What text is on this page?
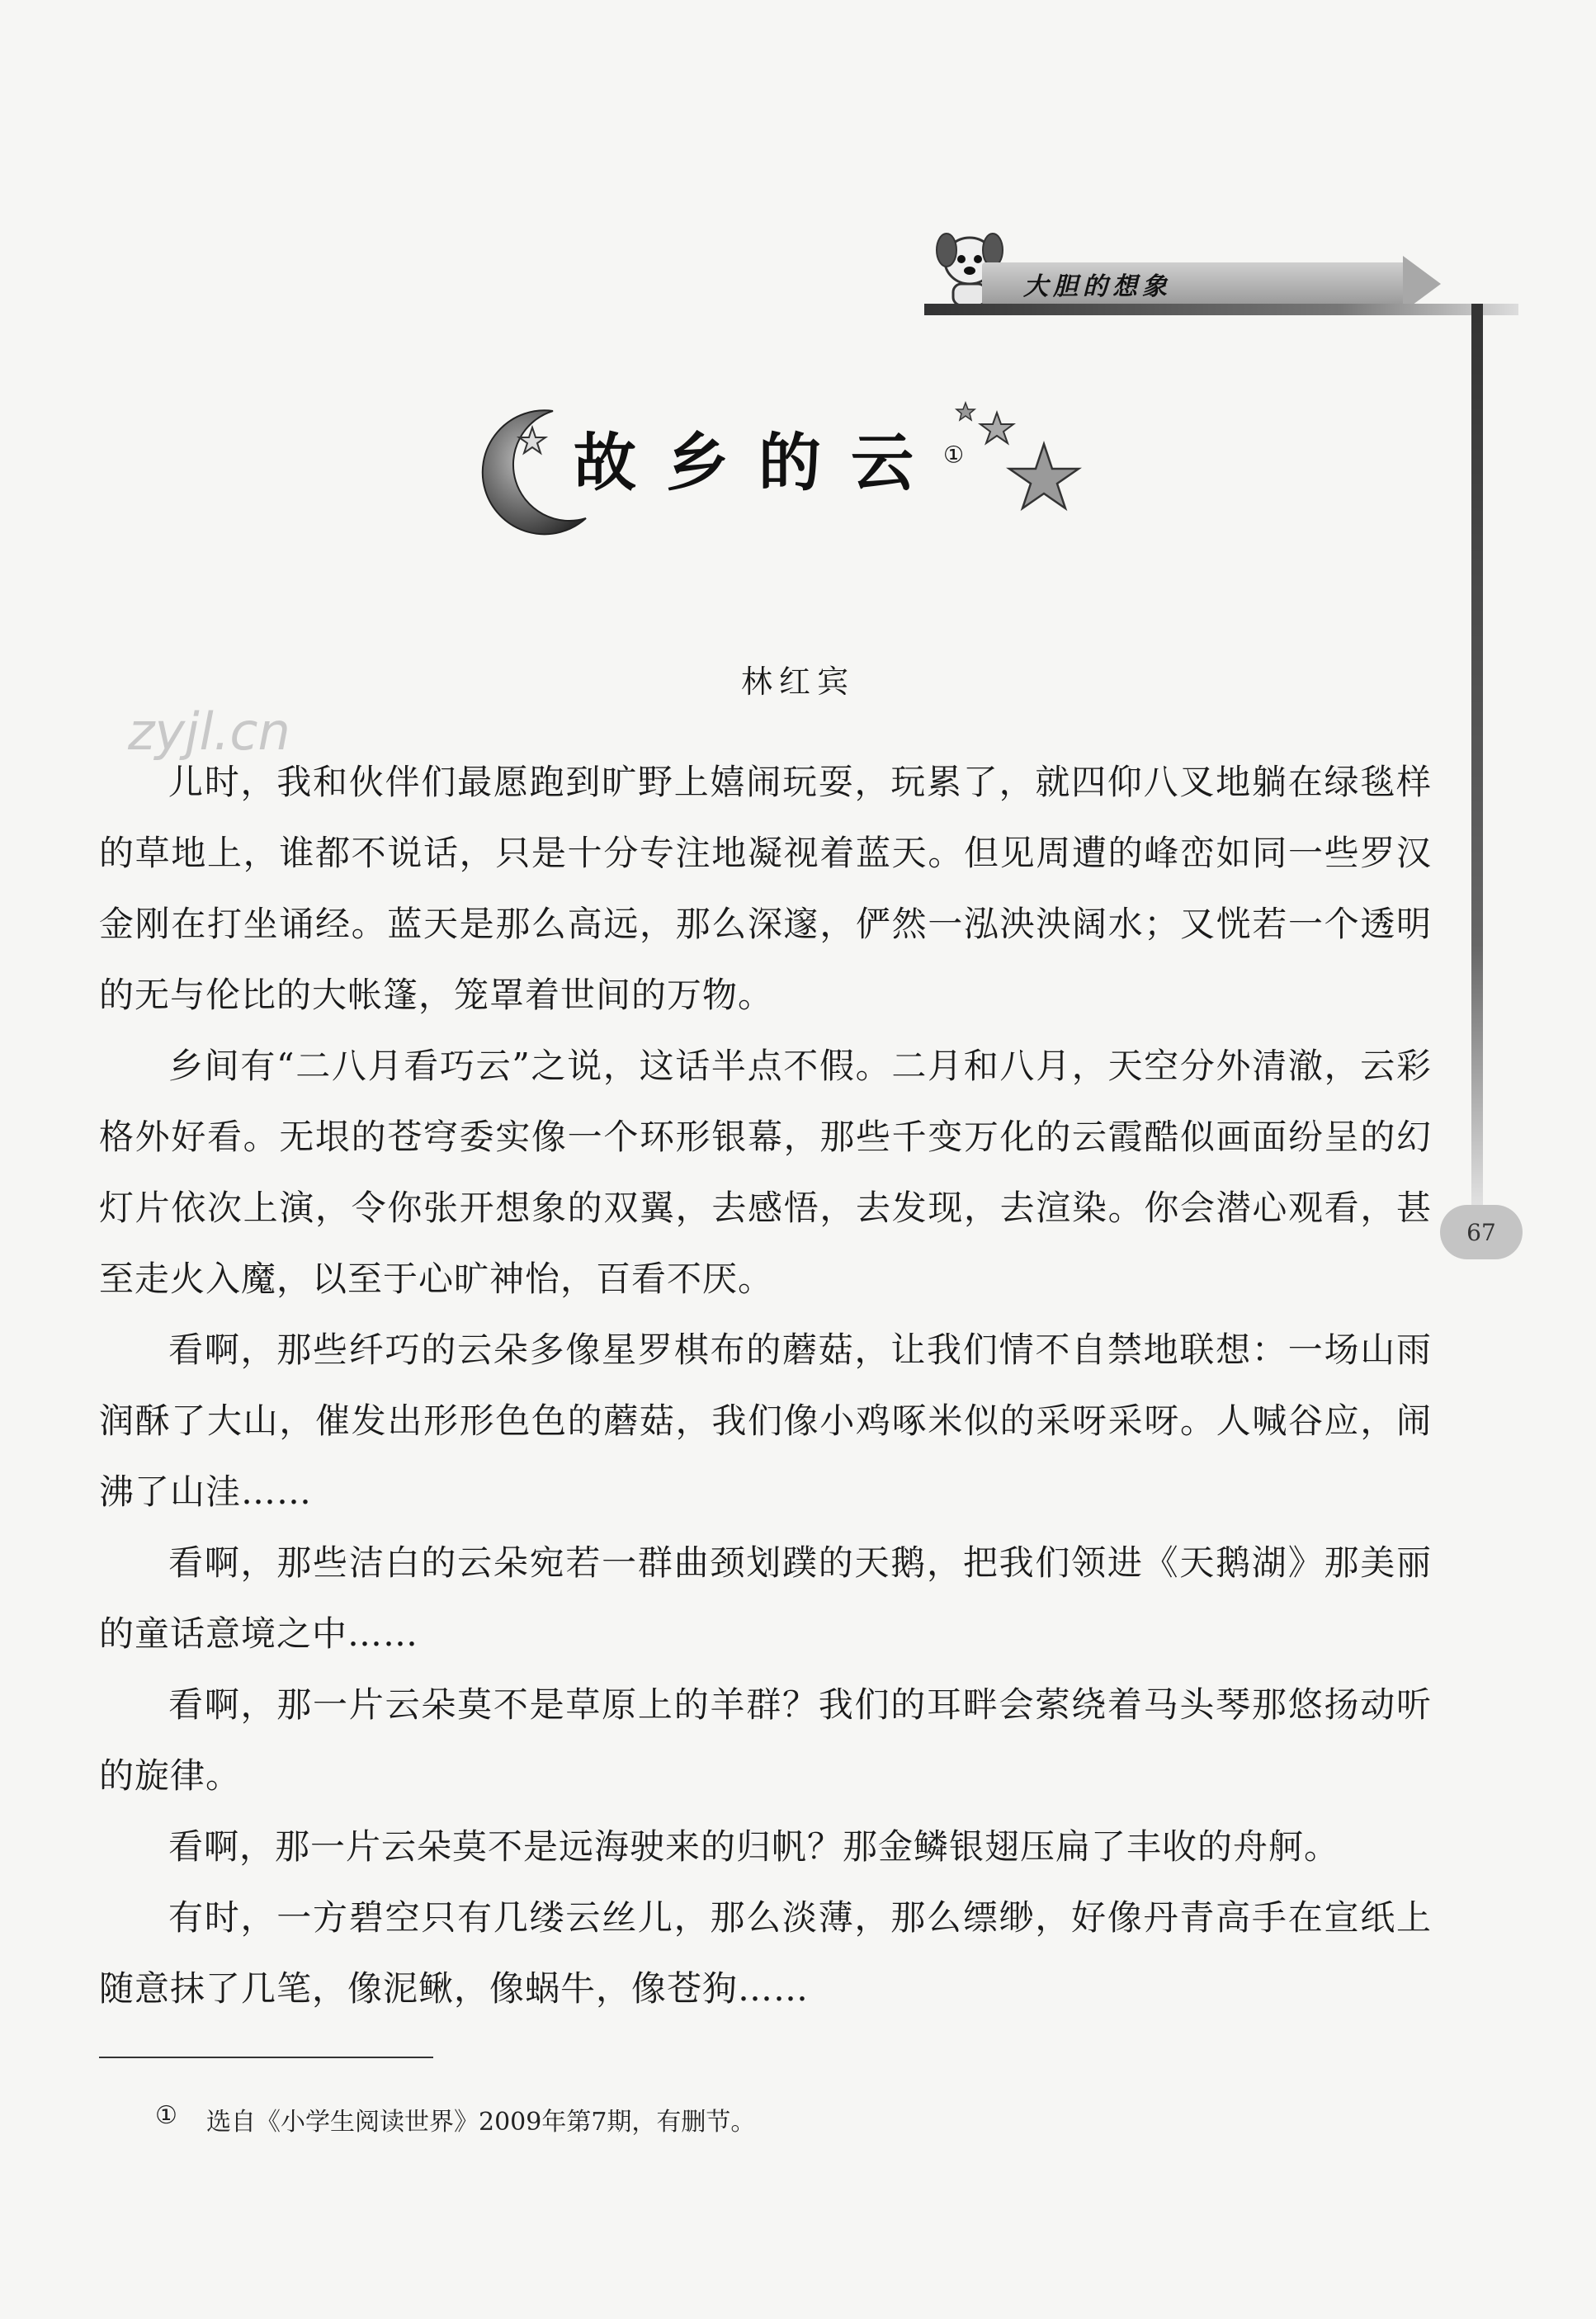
大胆的想象
67
故乡的云①
林红宾
zyjl.cn

儿时，我和伙伴们最愿跑到旷野上嬉闹玩耍，玩累了，就四仰八叉地躺在绿毯样的草地上，谁都不说话，只是十分专注地凝视着蓝天。但见周遭的峰峦如同一些罗汉金刚在打坐诵经。蓝天是那么高远，那么深邃，俨然一泓泱泱阔水；又恍若一个透明的无与伦比的大帐篷，笼罩着世间的万物。

乡间有“二八月看巧云”之说，这话半点不假。二月和八月，天空分外清澈，云彩格外好看。无垠的苍穹委实像一个环形银幕，那些千变万化的云霞酷似画面纷呈的幻灯片依次上演，令你张开想象的双翼，去感悟，去发现，去渲染。你会潜心观看，甚至走火入魔，以至于心旷神怡，百看不厌。

看啊，那些纤巧的云朵多像星罗棋布的蘑菇，让我们情不自禁地联想：一场山雨润酥了大山，催发出形形色色的蘑菇，我们像小鸡啄米似的采呀采呀。人喊谷应，闹沸了山洼……

看啊，那些洁白的云朵宛若一群曲颈划蹼的天鹅，把我们领进《天鹅湖》那美丽的童话意境之中……

看啊，那一片云朵莫不是草原上的羊群？我们的耳畔会萦绕着马头琴那悠扬动听的旋律。

看啊，那一片云朵莫不是远海驶来的归帆？那金鳞银翅压扁了丰收的舟舸。

有时，一方碧空只有几缕云丝儿，那么淡薄，那么缥缈，好像丹青高手在宣纸上随意抹了几笔，像泥鳅，像蜗牛，像苍狗……

① 选自《小学生阅读世界》2009年第7期，有删节。
